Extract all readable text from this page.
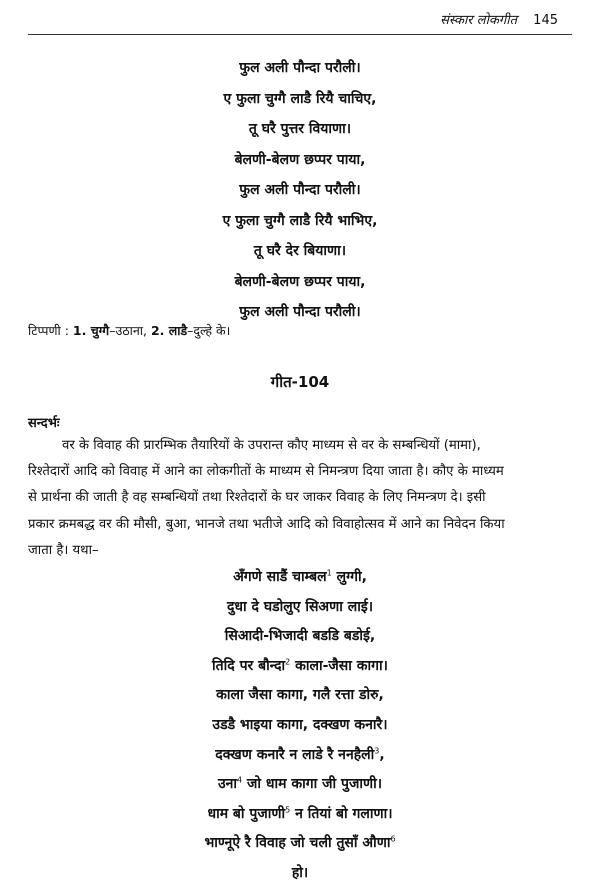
संस्कार लोकगीत 145
फुल अली पौन्दा परौली।
ए फुला चुग्गै लाडै रियै चाचिए,
तू घरै पुत्तर वियाणा।
बेलणी-बेलण छप्पर पाया,
फुल अली पौन्दा परौली।
ए फुला चुग्गै लाडै रियै भाभिए,
तू घरै देर बियाणा।
बेलणी-बेलण छप्पर पाया,
फुल अली पौन्दा परौली।
टिप्पणी : 1. चुग्गै–उठाना, 2. लाडै–दुल्हे के।
गीत-104
सन्दर्भः
वर के विवाह की प्रारम्भिक तैयारियों के उपरान्त कौए माध्यम से वर के सम्बन्धियों (मामा),
रिश्तेदारों आदि को विवाह में आने का लोकगीतों के माध्यम से निमन्त्रण दिया जाता है। कौए के माध्यम
से प्रार्थना की जाती है वह सम्बन्धियों तथा रिश्तेदारों के घर जाकर विवाह के लिए निमन्त्रण दे। इसी
प्रकार क्रमबद्ध वर की मौसी, बुआ, भानजे तथा भतीजे आदि को विवाहोत्सव में आने का निवेदन किया
जाता है। यथा–
अँगणे साडैं चाम्बल$^1$ लुग्गी,
दुधा दे घडोलुए सिअणा लाई।
सिआदी-भिजादी बडडि बडोई,
तिदि पर बौन्दा$^2$ काला-जैसा कागा।
काला जैसा कागा, गलै रत्ता डोरु,
उडडै भाइया कागा, दक्खण कनारै।
दक्खण कनारै न लाडे रै ननहैली$^3$,
उना$^4$ जो धाम कागा जी पुजाणी।
धाम बो पुजाणी$^5$ न तियां बो गलाणा।
भाण्नूऐ रै विवाह जो चली तुसाँ औणा$^6$
हो।
